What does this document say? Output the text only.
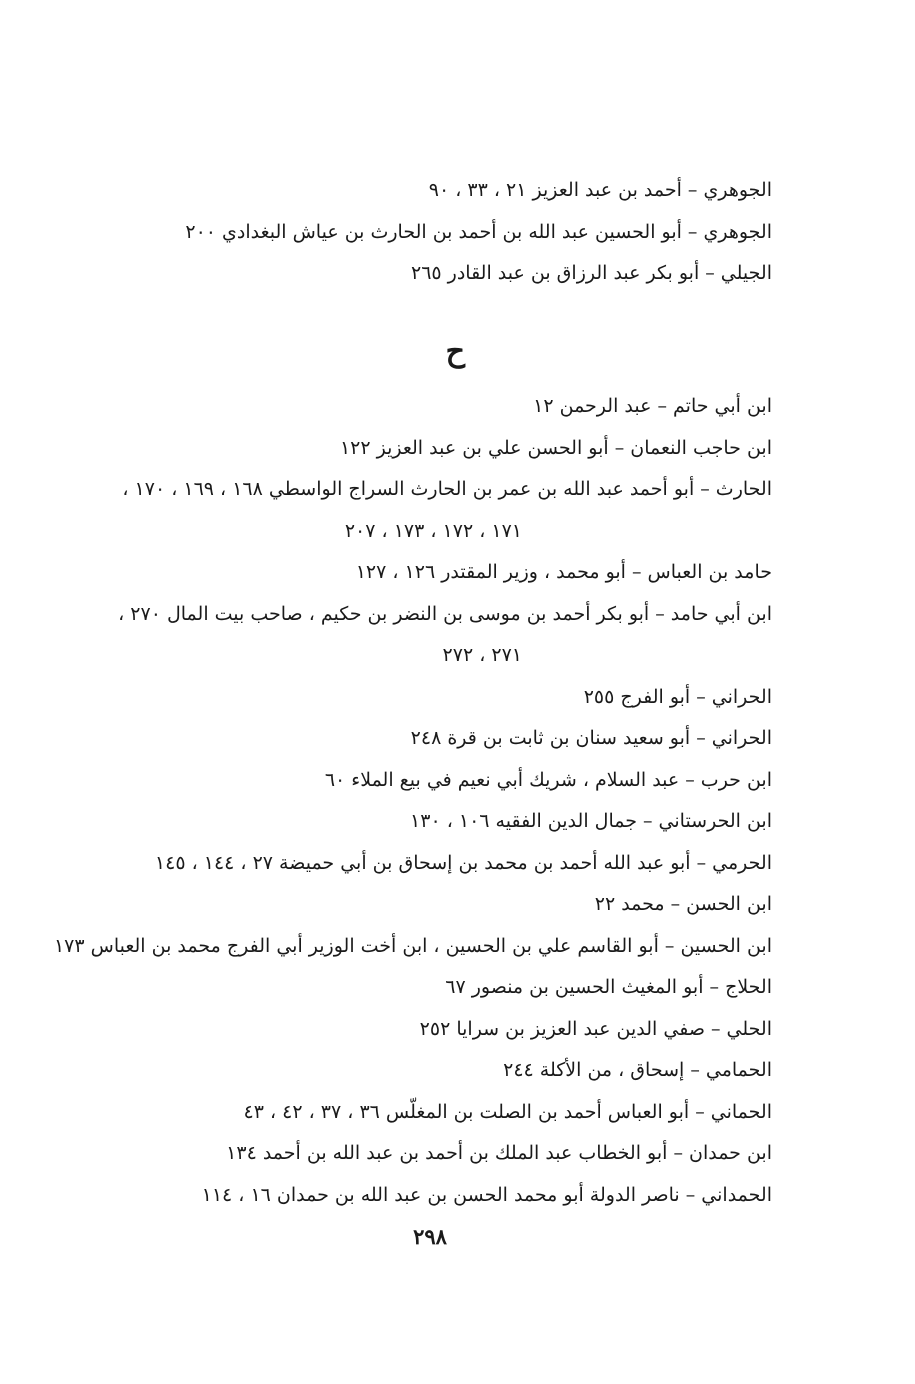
الجوهري – أحمد بن عبد العزيز ٢١ ، ٣٣ ، ٩٠
الجوهري – أبو الحسين عبد الله بن أحمد بن الحارث بن عياش البغدادي ٢٠٠
الجيلي – أبو بكر عبد الرزاق بن عبد القادر ٢٦٥
ح
ابن أبي حاتم – عبد الرحمن ١٢
ابن حاجب النعمان – أبو الحسن علي بن عبد العزيز ١٢٢
الحارث – أبو أحمد عبد الله بن عمر بن الحارث السراج الواسطي ١٦٨ ، ١٦٩ ، ١٧٠ ،
١٧١ ، ١٧٢ ، ١٧٣ ، ٢٠٧
حامد بن العباس – أبو محمد ، وزير المقتدر ١٢٦ ، ١٢٧
ابن أبي حامد – أبو بكر أحمد بن موسى بن النضر بن حكيم ، صاحب بيت المال ٢٧٠ ،
٢٧١ ، ٢٧٢
الحراني – أبو الفرج ٢٥٥
الحراني – أبو سعيد سنان بن ثابت بن قرة ٢٤٨
ابن حرب – عبد السلام ، شريك أبي نعيم في بيع الملاء ٦٠
ابن الحرستاني – جمال الدين الفقيه ١٠٦ ، ١٣٠
الحرمي – أبو عبد الله أحمد بن محمد بن إسحاق بن أبي حميضة ٢٧ ، ١٤٤ ، ١٤٥
ابن الحسن – محمد ٢٢
ابن الحسين – أبو القاسم علي بن الحسين ، ابن أخت الوزير أبي الفرج محمد بن العباس ١٧٣
الحلاج – أبو المغيث الحسين بن منصور ٦٧
الحلي – صفي الدين عبد العزيز بن سرايا ٢٥٢
الحمامي – إسحاق ، من الأكلة ٢٤٤
الحماني – أبو العباس أحمد بن الصلت بن المغلّس ٣٦ ، ٣٧ ، ٤٢ ، ٤٣
ابن حمدان – أبو الخطاب عبد الملك بن أحمد بن عبد الله بن أحمد ١٣٤
الحمداني – ناصر الدولة أبو محمد الحسن بن عبد الله بن حمدان ١٦ ، ١١٤
٢٩٨
